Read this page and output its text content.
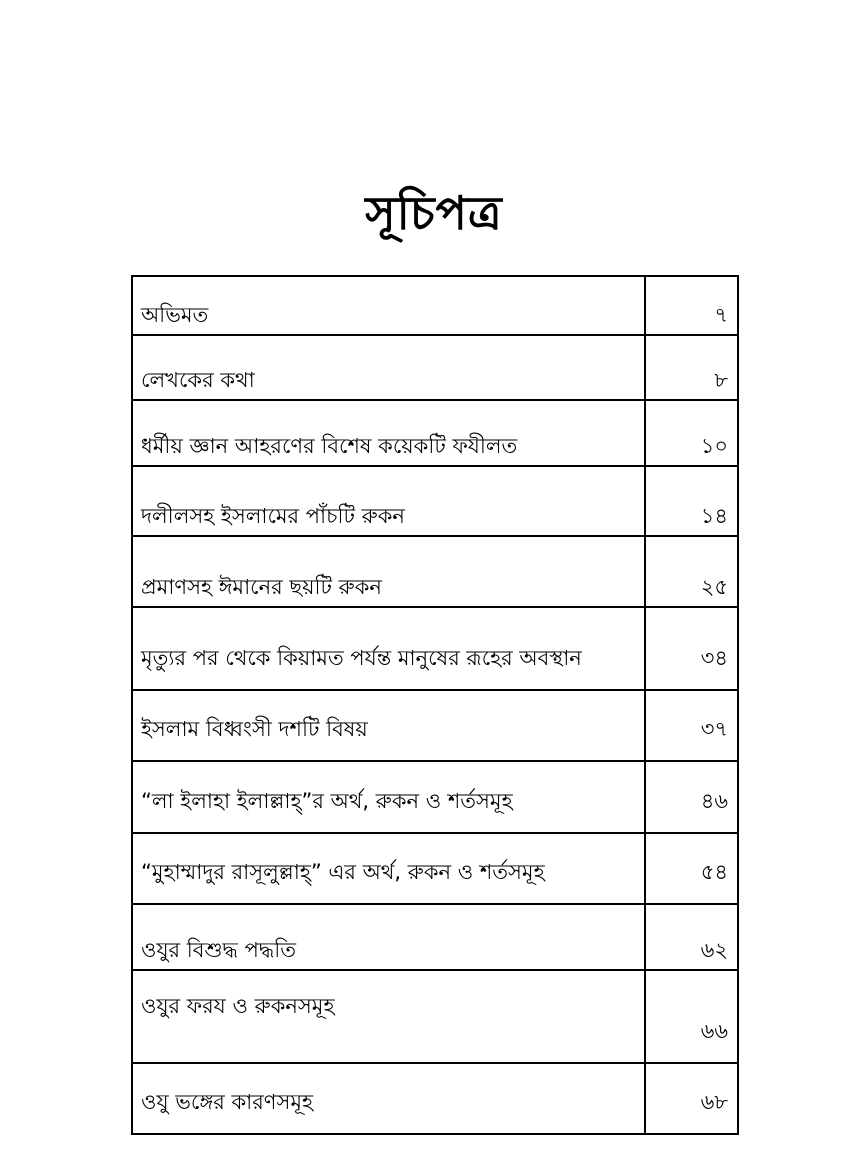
সূচিপত্র
অভিমত	৭
লেখকের কথা	৮
ধর্মীয় জ্ঞান আহরণের বিশেষ কয়েকটি ফযীলত	১০
দলীলসহ ইসলামের পাঁচটি রুকন	১৪
প্রমাণসহ ঈমানের ছয়টি রুকন	২৫
মৃত্যুর পর থেকে কিয়ামত পর্যন্ত মানুষের রূহের অবস্থান	৩৪
ইসলাম বিধ্বংসী দশটি বিষয়	৩৭
“লা ইলাহা ইলাল্লাহ্”র অর্থ, রুকন ও শর্তসমূহ	৪৬
“মুহাম্মাদুর রাসূলুল্লাহ্” এর অর্থ, রুকন ও শর্তসমূহ	৫৪
ওযুর বিশুদ্ধ পদ্ধতি	৬২
ওযুর ফরয ও রুকনসমূহ	৬৬
ওযু ভঙ্গের কারণসমূহ	৬৮
